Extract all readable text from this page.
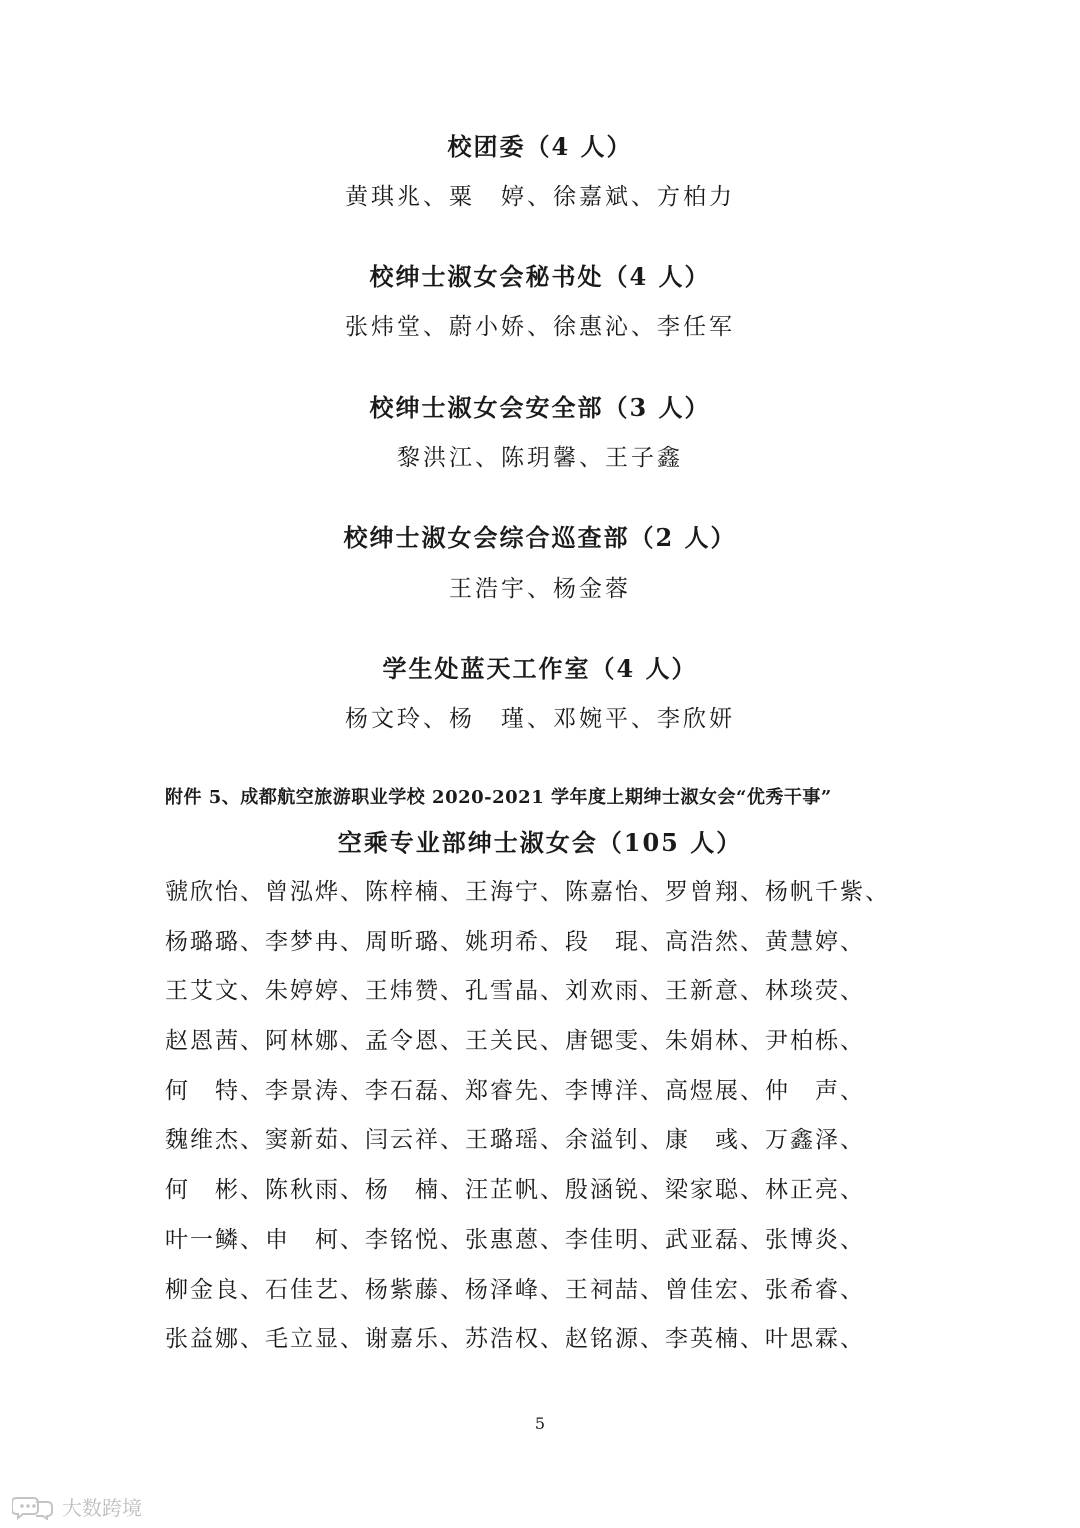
校团委（4 人）
黄琪兆、粟　婷、徐嘉斌、方柏力
校绅士淑女会秘书处（4 人）
张炜堂、蔚小娇、徐惠沁、李任军
校绅士淑女会安全部（3 人）
黎洪江、陈玥馨、王子鑫
校绅士淑女会综合巡查部（2 人）
王浩宇、杨金蓉
学生处蓝天工作室（4 人）
杨文玲、杨　瑾、邓婉平、李欣妍
附件 5、成都航空旅游职业学校 2020-2021 学年度上期绅士淑女会“优秀干事”
空乘专业部绅士淑女会（105 人）
虢欣怡、曾泓烨、陈梓楠、王海宁、陈嘉怡、罗曾翔、杨帆千紫、
杨璐璐、李梦冉、周昕璐、姚玥希、段　琨、高浩然、黄慧婷、
王艾文、朱婷婷、王炜赞、孔雪晶、刘欢雨、王新意、林琰荧、
赵恩茜、阿林娜、孟令恩、王关民、唐锶雯、朱娟林、尹柏栎、
何　特、李景涛、李石磊、郑睿先、李博洋、高煜展、仲　声、
魏维杰、窦新茹、闫云祥、王璐瑶、余溢钊、康　彧、万鑫泽、
何　彬、陈秋雨、杨　楠、汪芷帆、殷涵锐、梁家聪、林正亮、
叶一鳞、申　柯、李铭悦、张惠蒽、李佳明、武亚磊、张博炎、
柳金良、石佳艺、杨紫藤、杨泽峰、王祠喆、曾佳宏、张希睿、
张益娜、毛立显、谢嘉乐、苏浩权、赵铭源、李英楠、叶思霖、
5
大数跨境
